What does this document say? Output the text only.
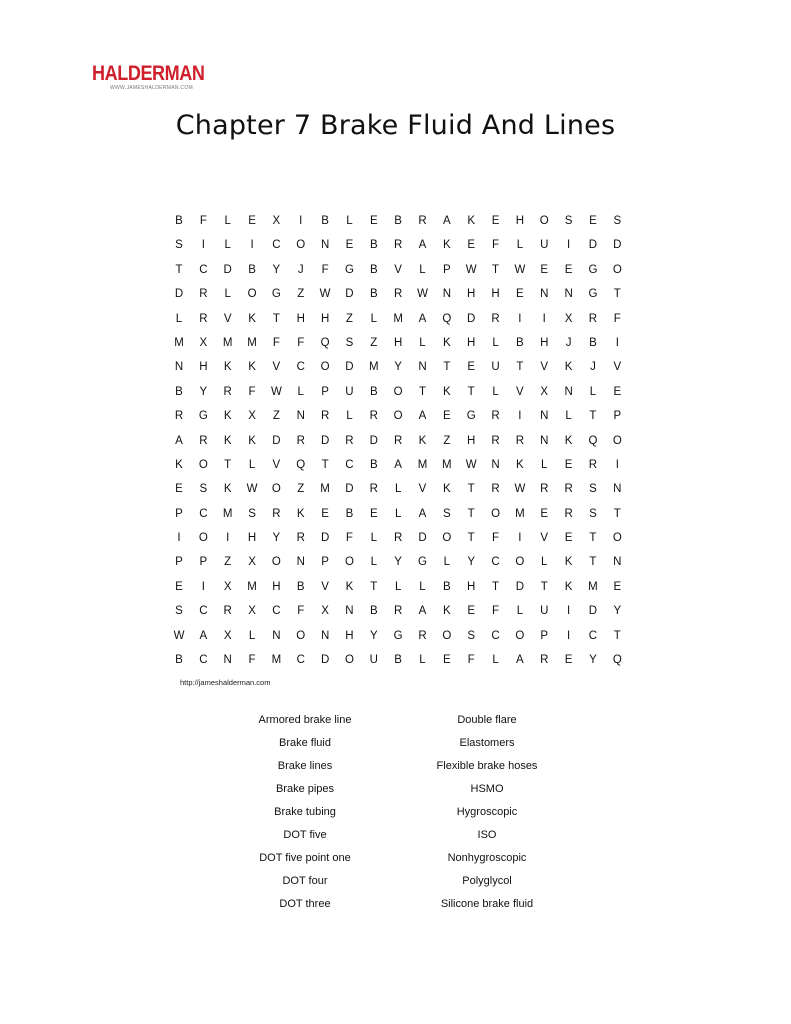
HALDERMAN
WWW.JAMESHALDERMAN.COM
Chapter 7 Brake Fluid And Lines
B	F	L	E	X	I	B	L	E	B	R	A	K	E	H	O	S	E	S
S	I	L	I	C	O	N	E	B	R	A	K	E	F	L	U	I	D	D
T	C	D	B	Y	J	F	G	B	V	L	P	W	T	W	E	E	G	O
D	R	L	O	G	Z	W	D	B	R	W	N	H	H	E	N	N	G	T
L	R	V	K	T	H	H	Z	L	M	A	Q	D	R	I	I	X	R	F
M	X	M	M	F	F	Q	S	Z	H	L	K	H	L	B	H	J	B	I
N	H	K	K	V	C	O	D	M	Y	N	T	E	U	T	V	K	J	V
B	Y	R	F	W	L	P	U	B	O	T	K	T	L	V	X	N	L	E
R	G	K	X	Z	N	R	L	R	O	A	E	G	R	I	N	L	T	P
A	R	K	K	D	R	D	R	D	R	K	Z	H	R	R	N	K	Q	O
K	O	T	L	V	Q	T	C	B	A	M	M	W	N	K	L	E	R	I
E	S	K	W	O	Z	M	D	R	L	V	K	T	R	W	R	R	S	N
P	C	M	S	R	K	E	B	E	L	A	S	T	O	M	E	R	S	T
I	O	I	H	Y	R	D	F	L	R	D	O	T	F	I	V	E	T	O
P	P	Z	X	O	N	P	O	L	Y	G	L	Y	C	O	L	K	T	N
E	I	X	M	H	B	V	K	T	L	L	B	H	T	D	T	K	M	E
S	C	R	X	C	F	X	N	B	R	A	K	E	F	L	U	I	D	Y
W	A	X	L	N	O	N	H	Y	G	R	O	S	C	O	P	I	C	T
B	C	N	F	M	C	D	O	U	B	L	E	F	L	A	R	E	Y	Q
http://jameshalderman.com
Armored brake line
Brake fluid
Brake lines
Brake pipes
Brake tubing
DOT five
DOT five point one
DOT four
DOT three
Double flare
Elastomers
Flexible brake hoses
HSMO
Hygroscopic
ISO
Nonhygroscopic
Polyglycol
Silicone brake fluid
